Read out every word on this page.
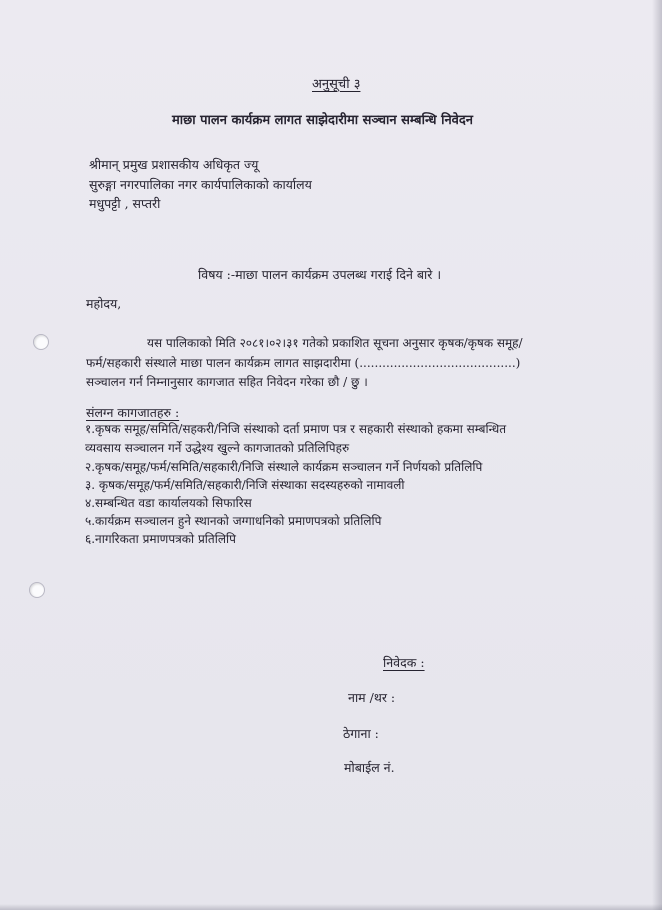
अनुसूची ३
माछा पालन कार्यक्रम लागत साझेदारीमा सञ्चान सम्बन्धि निवेदन
श्रीमान् प्रमुख प्रशासकीय अधिकृत ज्यू
सुरुङ्गा नगरपालिका नगर कार्यपालिकाको कार्यालय
मधुपट्टी , सप्तरी
विषय :-माछा पालन कार्यक्रम उपलब्ध गराई दिने बारे ।
महोदय,
यस पालिकाको मिति २०८१।०२।३१ गतेको प्रकाशित सूचना अनुसार कृषक/कृषक समूह/
फर्म/सहकारी संस्थाले माछा पालन कार्यक्रम लागत साझदारीमा (.........................................)
सञ्चालन गर्न निम्नानुसार कागजात सहित निवेदन गरेका छौ / छु ।
संलग्न कागजातहरु :
१.कृषक समूह/समिति/सहकरी/निजि संस्थाको दर्ता प्रमाण पत्र र सहकारी संस्थाको हकमा सम्बन्धित
व्यवसाय सञ्चालन गर्ने उद्धेश्य खुल्ने कागजातको प्रतिलिपिहरु
२.कृषक/समूह/फर्म/समिति/सहकारी/निजि संस्थाले कार्यक्रम सञ्चालन गर्ने निर्णयको प्रतिलिपि
३. कृषक/समूह/फर्म/समिति/सहकारी/निजि संस्थाका सदस्यहरुको नामावली
४.सम्बन्धित वडा कार्यालयको सिफारिस
५.कार्यक्रम सञ्चालन हुने स्थानको जग्गाधनिको प्रमाणपत्रको प्रतिलिपि
६.नागरिकता प्रमाणपत्रको प्रतिलिपि
निवेदक :
नाम /थर :
ठेगाना :
मोबाईल नं.
